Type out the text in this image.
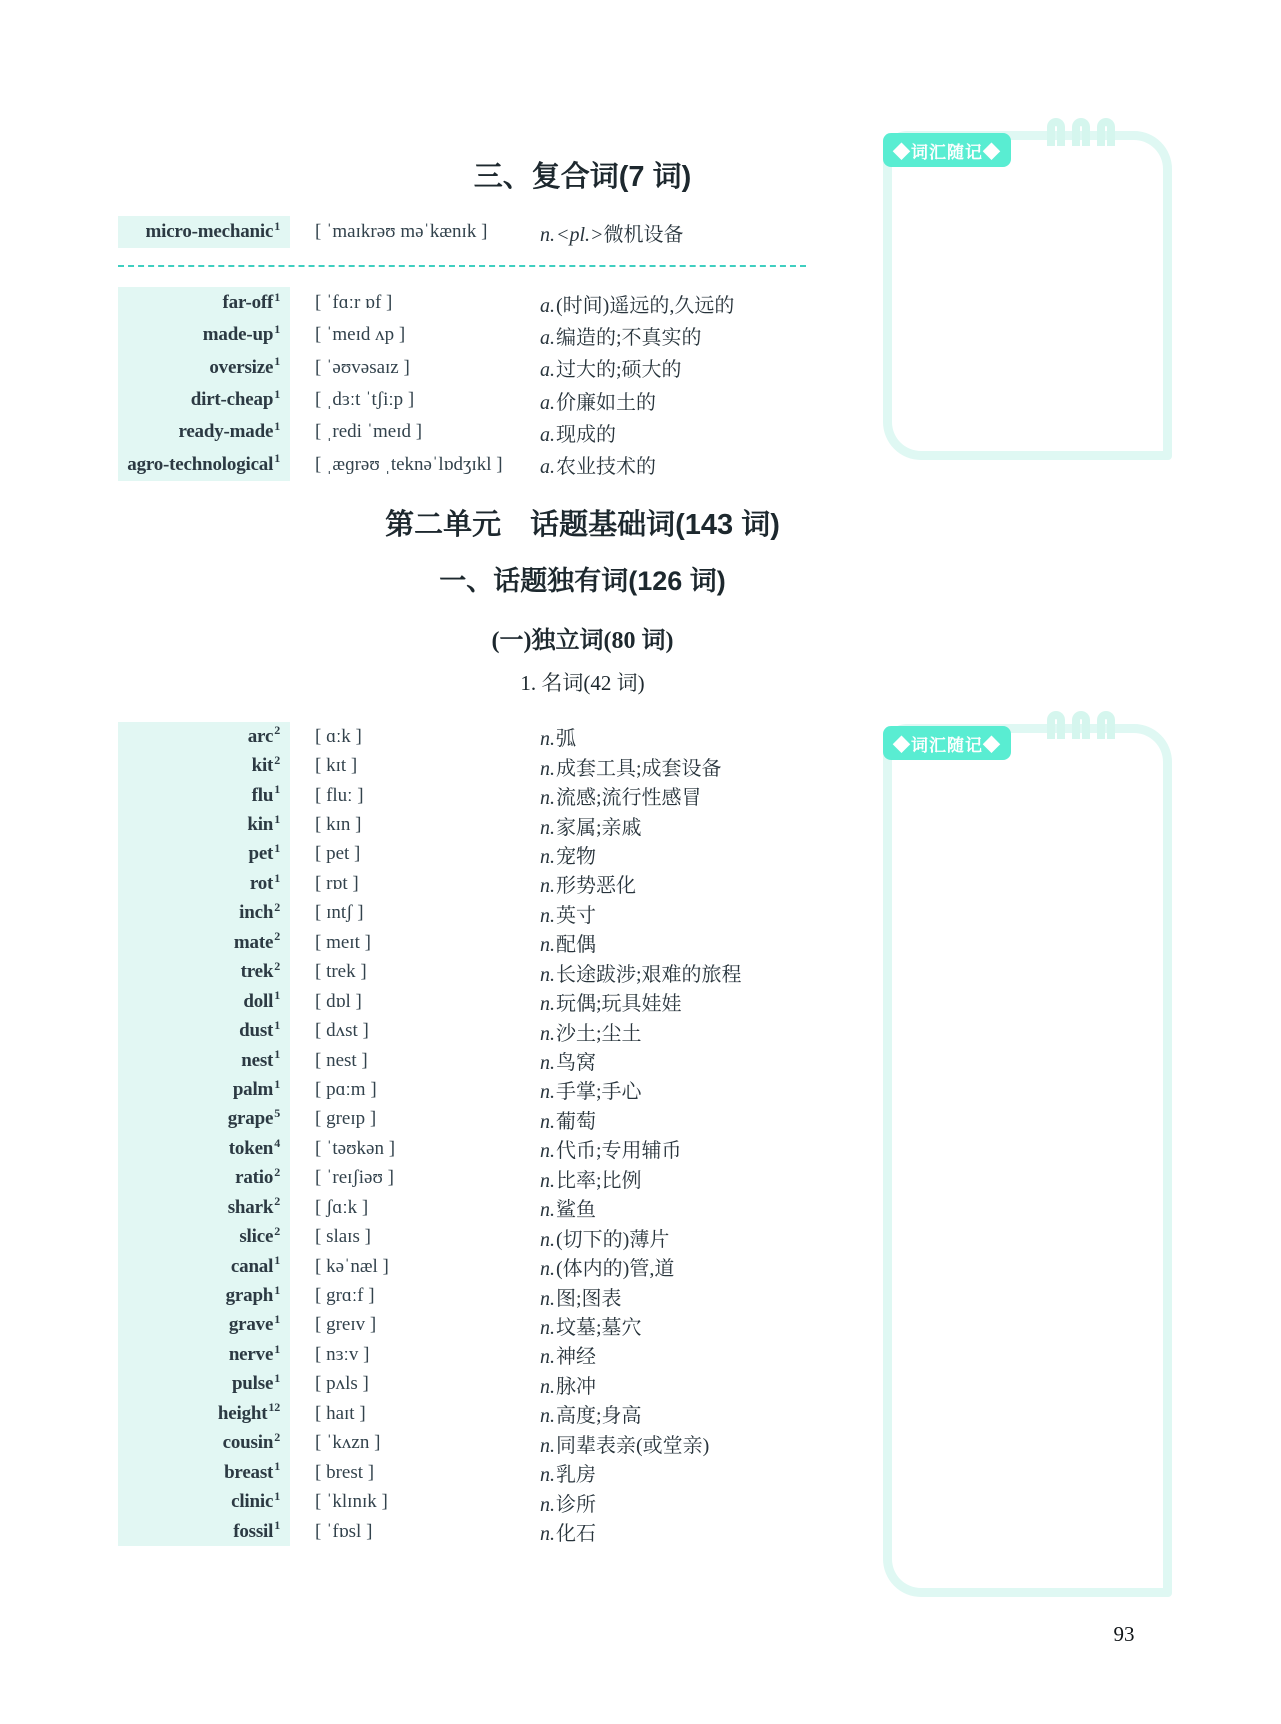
三、复合词(7 词)
micro-mechanic$^1$ [ ˈmaɪkrəʊ məˈkænɪk ]	n.<pl.>微机设备
far-off$^1$ [ ˈfɑːr ɒf ]	a.(时间)遥远的,久远的
made-$up^1$ [ ˈmeɪd ʌp ]	a.编造的;不真实的
oversize$^1$ [ ˈəʊvəsaɪz ]	a.过大的;硕大的
dirt-cheap$^1$ [ ˌdɜːt ˈtʃiːp ]	a.价廉如土的
ready-made$^1$ [ ˌredi ˈmeɪd ]	a.现成的
agro-technological$^1$ [ ˌæɡrəʊ ˌteknəˈlɒdʒɪkl ]	a.农业技术的
第二单元　话题基础词(143 词)
一、话题独有词(126 词)
(一)独立词(80 词)
1. 名词(42 词)
arc$^2$ [ ɑːk ]	n.弧
kit$^2$ [ kɪt ]	n.成套工具;成套设备
flu$^1$ [ fluː ]	n.流感;流行性感冒
kin$^1$ [ kɪn ]	n.家属;亲戚
pet$^1$ [ pet ]	n.宠物
rot$^1$ [ rɒt ]	n.形势恶化
inch$^2$ [ ɪntʃ ]	n.英寸
mate$^2$ [ meɪt ]	n.配偶
trek$^2$ [ trek ]	n.长途跋涉;艰难的旅程
doll$^1$ [ dɒl ]	n.玩偶;玩具娃娃
dust$^1$ [ dʌst ]	n.沙土;尘土
nest$^1$ [ nest ]	n.鸟窝
palm$^1$ [ pɑːm ]	n.手掌;手心
grape$^5$ [ greɪp ]	n.葡萄
token$^4$ [ ˈtəʊkən ]	n.代币;专用辅币
ratio$^2$ [ ˈreɪʃiəʊ ]	n.比率;比例
shark$^2$ [ ʃɑːk ]	n.鲨鱼
slice$^2$ [ slaɪs ]	n.(切下的)薄片
canal$^1$ [ kəˈnæl ]	n.(体内的)管,道
graph$^1$ [ grɑːf ]	n.图;图表
grave$^1$ [ greɪv ]	n.坟墓;墓穴
nerve$^1$ [ nɜːv ]	n.神经
pulse$^1$ [ pʌls ]	n.脉冲
height$^{12}$ [ haɪt ]	n.高度;身高
cousin$^2$ [ ˈkʌzn ]	n.同辈表亲(或堂亲)
breast$^1$ [ brest ]	n.乳房
clinic$^1$ [ ˈklɪnɪk ]	n.诊所
fossil$^1$ [ ˈfɒsl ]	n.化石
◆词汇随记◆
◆词汇随记◆
93
